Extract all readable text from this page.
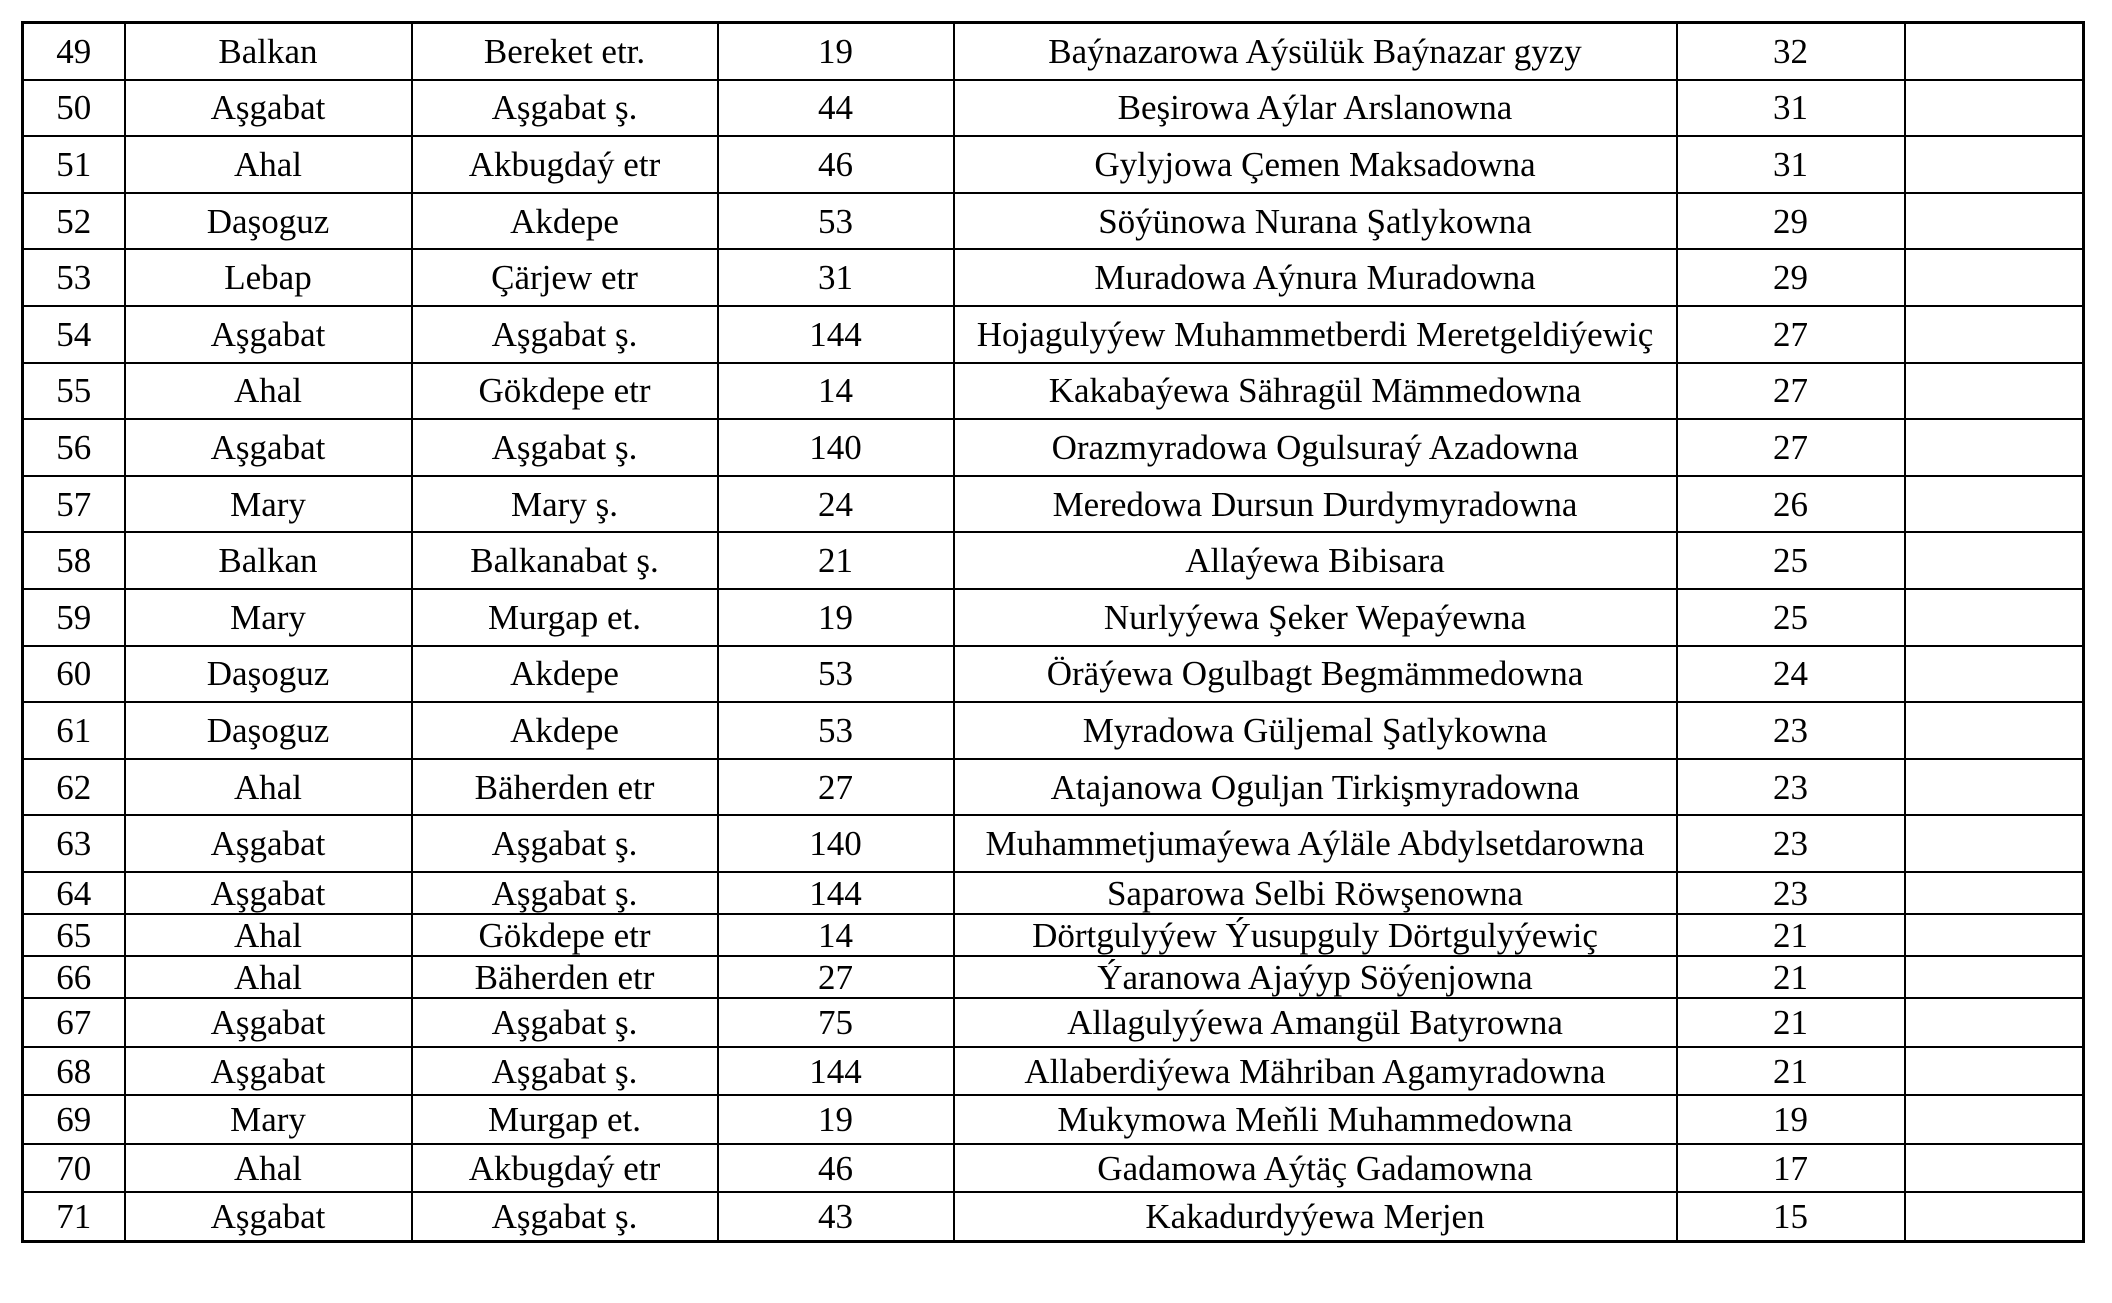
49	Balkan	Bereket etr.	19	Baýnazarowa Aýsülük Baýnazar gyzy	32	
50	Aşgabat	Aşgabat ş.	44	Beşirowa Aýlar Arslanowna	31	
51	Ahal	Akbugdaý etr	46	Gylyjowa Çemen Maksadowna	31	
52	Daşoguz	Akdepe	53	Söýünowa Nurana Şatlykowna	29	
53	Lebap	Çärjew etr	31	Muradowa Aýnura Muradowna	29	
54	Aşgabat	Aşgabat ş.	144	Hojagulyýew Muhammetberdi Meretgeldiýewiç	27	
55	Ahal	Gökdepe etr	14	Kakabaýewa Sähragül Mämmedowna	27	
56	Aşgabat	Aşgabat ş.	140	Orazmyradowa Ogulsuraý Azadowna	27	
57	Mary	Mary ş.	24	Meredowa Dursun Durdymyradowna	26	
58	Balkan	Balkanabat ş.	21	Allaýewa Bibisara	25	
59	Mary	Murgap et.	19	Nurlyýewa Şeker Wepaýewna	25	
60	Daşoguz	Akdepe	53	Öräýewa Ogulbagt Begmämmedowna	24	
61	Daşoguz	Akdepe	53	Myradowa Güljemal Şatlykowna	23	
62	Ahal	Bäherden etr	27	Atajanowa Oguljan Tirkişmyradowna	23	
63	Aşgabat	Aşgabat ş.	140	Muhammetjumaýewa Aýläle Abdylsetdarowna	23	
64	Aşgabat	Aşgabat ş.	144	Saparowa Selbi Röwşenowna	23	
65	Ahal	Gökdepe etr	14	Dörtgulyýew Ýusupguly Dörtgulyýewiç	21	
66	Ahal	Bäherden etr	27	Ýaranowa Ajaýyp Söýenjowna	21	
67	Aşgabat	Aşgabat ş.	75	Allagulyýewa Amangül Batyrowna	21	
68	Aşgabat	Aşgabat ş.	144	Allaberdiýewa Mähriban Agamyradowna	21	
69	Mary	Murgap et.	19	Mukymowa Meňli Muhammedowna	19	
70	Ahal	Akbugdaý etr	46	Gadamowa Aýtäç Gadamowna	17	
71	Aşgabat	Aşgabat ş.	43	Kakadurdyýewa Merjen	15	
